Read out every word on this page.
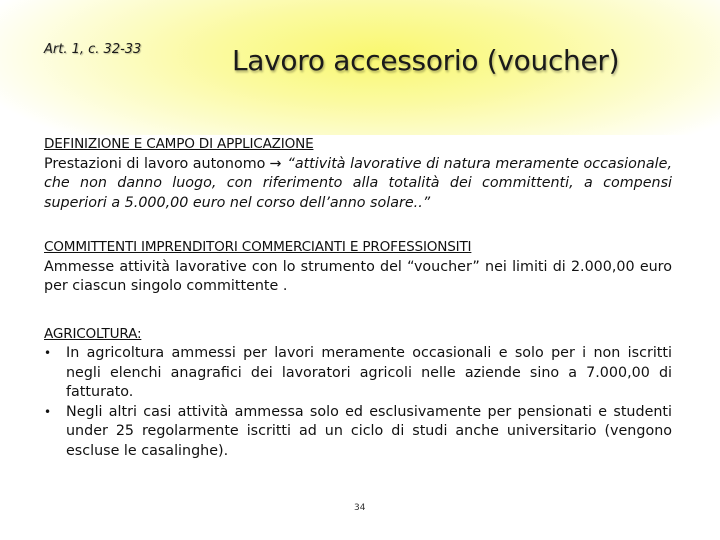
Art. 1, c. 32-33	Lavoro accessorio (voucher)
DEFINIZIONE E CAMPO DI APPLICAZIONE
Prestazioni di lavoro autonomo → “attività lavorative di natura meramente occasionale, che non danno luogo, con riferimento alla totalità dei committenti, a compensi superiori a 5.000,00 euro nel corso dell’anno solare..”
COMMITTENTI IMPRENDITORI COMMERCIANTI E PROFESSIONSITI
Ammesse attività lavorative con lo strumento del “voucher” nei limiti di 2.000,00 euro per ciascun singolo committente .
AGRICOLTURA:
• In agricoltura ammessi per lavori meramente occasionali e solo per i non iscritti negli elenchi anagrafici dei lavoratori agricoli nelle aziende sino a 7.000,00 di fatturato.
• Negli altri casi attività ammessa solo ed esclusivamente per pensionati e studenti under 25 regolarmente iscritti ad un ciclo di studi anche universitario (vengono escluse le casalinghe).
34
